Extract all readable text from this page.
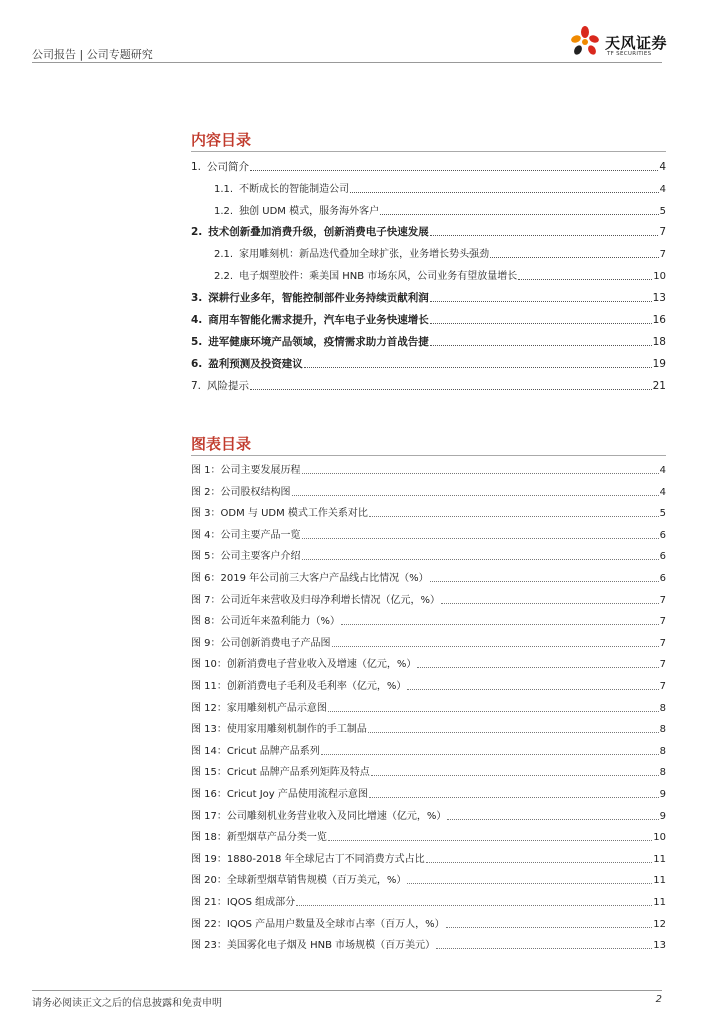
公司报告 | 公司专题研究
天风证券
TF SECURITIES
内容目录
1. 公司简介	4
1.1. 不断成长的智能制造公司	4
1.2. 独创 UDM 模式，服务海外客户	5
2. 技术创新叠加消费升级，创新消费电子快速发展	7
2.1. 家用雕刻机：新品迭代叠加全球扩张，业务增长势头强劲	7
2.2. 电子烟塑胶件：乘美国 HNB 市场东风，公司业务有望放量增长	10
3. 深耕行业多年，智能控制部件业务持续贡献利润	13
4. 商用车智能化需求提升，汽车电子业务快速增长	16
5. 进军健康环境产品领域，疫情需求助力首战告捷	18
6. 盈利预测及投资建议	19
7. 风险提示	21
图表目录
图 1：公司主要发展历程	4
图 2：公司股权结构图	4
图 3：ODM 与 UDM 模式工作关系对比	5
图 4：公司主要产品一览	6
图 5：公司主要客户介绍	6
图 6：2019 年公司前三大客户产品线占比情况（%）	6
图 7：公司近年来营收及归母净利增长情况（亿元，%）	7
图 8：公司近年来盈利能力（%）	7
图 9：公司创新消费电子产品图	7
图 10：创新消费电子营业收入及增速（亿元，%）	7
图 11：创新消费电子毛利及毛利率（亿元，%）	7
图 12：家用雕刻机产品示意图	8
图 13：使用家用雕刻机制作的手工制品	8
图 14：Cricut 品牌产品系列	8
图 15：Cricut 品牌产品系列矩阵及特点	8
图 16：Cricut Joy 产品使用流程示意图	9
图 17：公司雕刻机业务营业收入及同比增速（亿元，%）	9
图 18：新型烟草产品分类一览	10
图 19：1880-2018 年全球尼古丁不同消费方式占比	11
图 20：全球新型烟草销售规模（百万美元，%）	11
图 21：IQOS 组成部分	11
图 22：IQOS 产品用户数量及全球市占率（百万人，%）	12
图 23：美国雾化电子烟及 HNB 市场规模（百万美元）	13
请务必阅读正文之后的信息披露和免责申明	2
